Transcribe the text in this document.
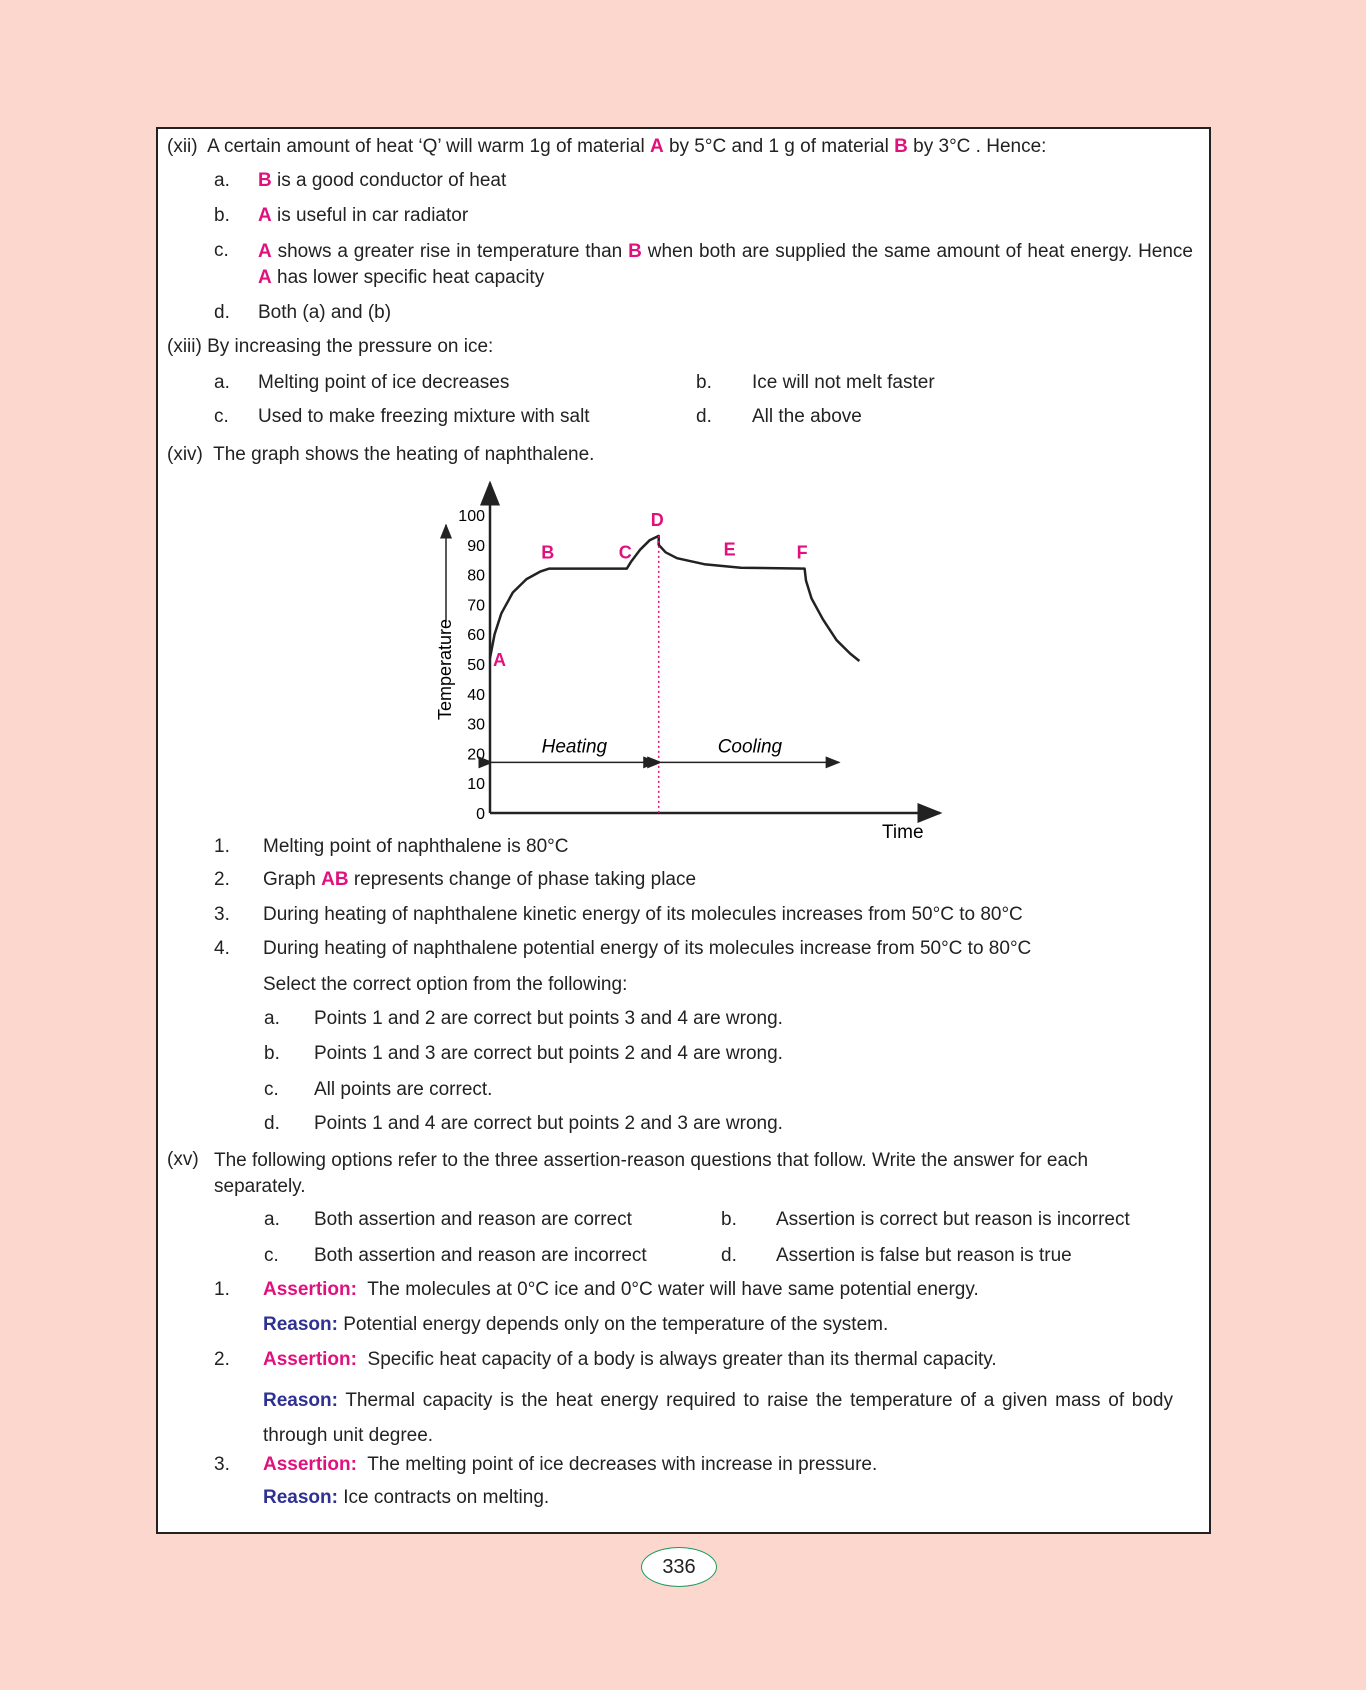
(xii) A certain amount of heat ‘Q’ will warm 1g of material A by 5°C and 1 g of material B by 3°C . Hence:
a. B is a good conductor of heat
b. A is useful in car radiator
c. A shows a greater rise in temperature than B when both are supplied the same amount of heat energy. Hence A has lower specific heat capacity
d. Both (a) and (b)
(xiii) By increasing the pressure on ice:
a. Melting point of ice decreases	b. Ice will not melt faster
c. Used to make freezing mixture with salt	d. All the above
(xiv) The graph shows the heating of naphthalene.
Temperature
Time
0
10
20
30
40
50
60
70
80
90
100
A
B	C
D
E	F
Heating	Cooling
1. Melting point of naphthalene is 80°C
2. Graph AB represents change of phase taking place
3. During heating of naphthalene kinetic energy of its molecules increases from 50°C to 80°C
4. During heating of naphthalene potential energy of its molecules increase from 50°C to 80°C
Select the correct option from the following:
a. Points 1 and 2 are correct but points 3 and 4 are wrong.
b. Points 1 and 3 are correct but points 2 and 4 are wrong.
c. All points are correct.
d. Points 1 and 4 are correct but points 2 and 3 are wrong.
(xv) The following options refer to the three assertion-reason questions that follow. Write the answer for each separately.
a. Both assertion and reason are correct	b. Assertion is correct but reason is incorrect
c. Both assertion and reason are incorrect	d. Assertion is false but reason is true
1. Assertion: The molecules at 0°C ice and 0°C water will have same potential energy.
Reason: Potential energy depends only on the temperature of the system.
2. Assertion: Specific heat capacity of a body is always greater than its thermal capacity.
Reason: Thermal capacity is the heat energy required to raise the temperature of a given mass of body through unit degree.
3. Assertion: The melting point of ice decreases with increase in pressure.
Reason: Ice contracts on melting.
336
